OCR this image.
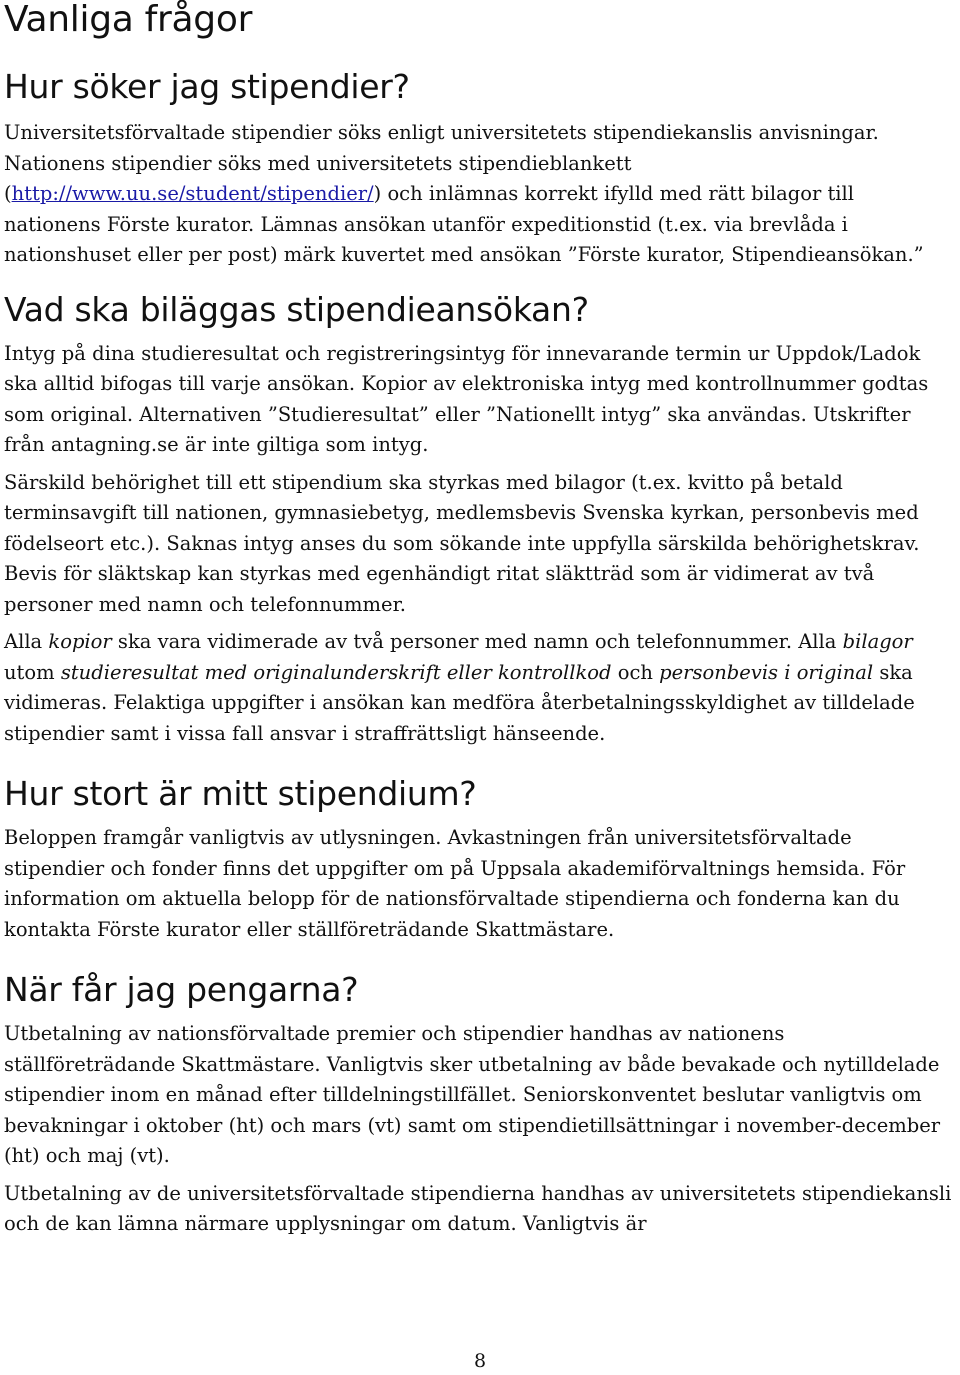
Vanliga frågor
Hur söker jag stipendier?

Universitetsförvaltade stipendier söks enligt universitetets stipendiekanslis anvisningar. Nationens stipendier söks med universitetets stipendieblankett (http://www.uu.se/student/stipendier/) och inlämnas korrekt ifylld med rätt bilagor till nationens Förste kurator. Lämnas ansökan utanför expeditionstid (t.ex. via brevlåda i nationshuset eller per post) märk kuvertet med ansökan ”Förste kurator, Stipendieansökan.”

Vad ska biläggas stipendieansökan?

Intyg på dina studieresultat och registreringsintyg för innevarande termin ur Uppdok/Ladok ska alltid bifogas till varje ansökan. Kopior av elektroniska intyg med kontrollnummer godtas som original. Alternativen ”Studieresultat” eller ”Nationellt intyg” ska användas. Utskrifter från antagning.se är inte giltiga som intyg.

Särskild behörighet till ett stipendium ska styrkas med bilagor (t.ex. kvitto på betald terminsavgift till nationen, gymnasiebetyg, medlemsbevis Svenska kyrkan, personbevis med födelseort etc.). Saknas intyg anses du som sökande inte uppfylla särskilda behörighetskrav. Bevis för släktskap kan styrkas med egenhändigt ritat släktträd som är vidimerat av två personer med namn och telefonnummer.

Alla kopior ska vara vidimerade av två personer med namn och telefonnummer. Alla bilagor utom studieresultat med originalunderskrift eller kontrollkod och personbevis i original ska vidimeras. Felaktiga uppgifter i ansökan kan medföra återbetalningsskyldighet av tilldelade stipendier samt i vissa fall ansvar i straffrättsligt hänseende.

Hur stort är mitt stipendium?

Beloppen framgår vanligtvis av utlysningen. Avkastningen från universitetsförvaltade stipendier och fonder finns det uppgifter om på Uppsala akademiförvaltnings hemsida. För information om aktuella belopp för de nationsförvaltade stipendierna och fonderna kan du kontakta Förste kurator eller ställföreträdande Skattmästare.

När får jag pengarna?

Utbetalning av nationsförvaltade premier och stipendier handhas av nationens ställföreträdande Skattmästare. Vanligtvis sker utbetalning av både bevakade och nytilldelade stipendier inom en månad efter tilldelningstillfället. Seniorskonventet beslutar vanligtvis om bevakningar i oktober (ht) och mars (vt) samt om stipendietillsättningar i november-december (ht) och maj (vt).

Utbetalning av de universitetsförvaltade stipendierna handhas av universitetets stipendiekansli och de kan lämna närmare upplysningar om datum. Vanligtvis är

8
